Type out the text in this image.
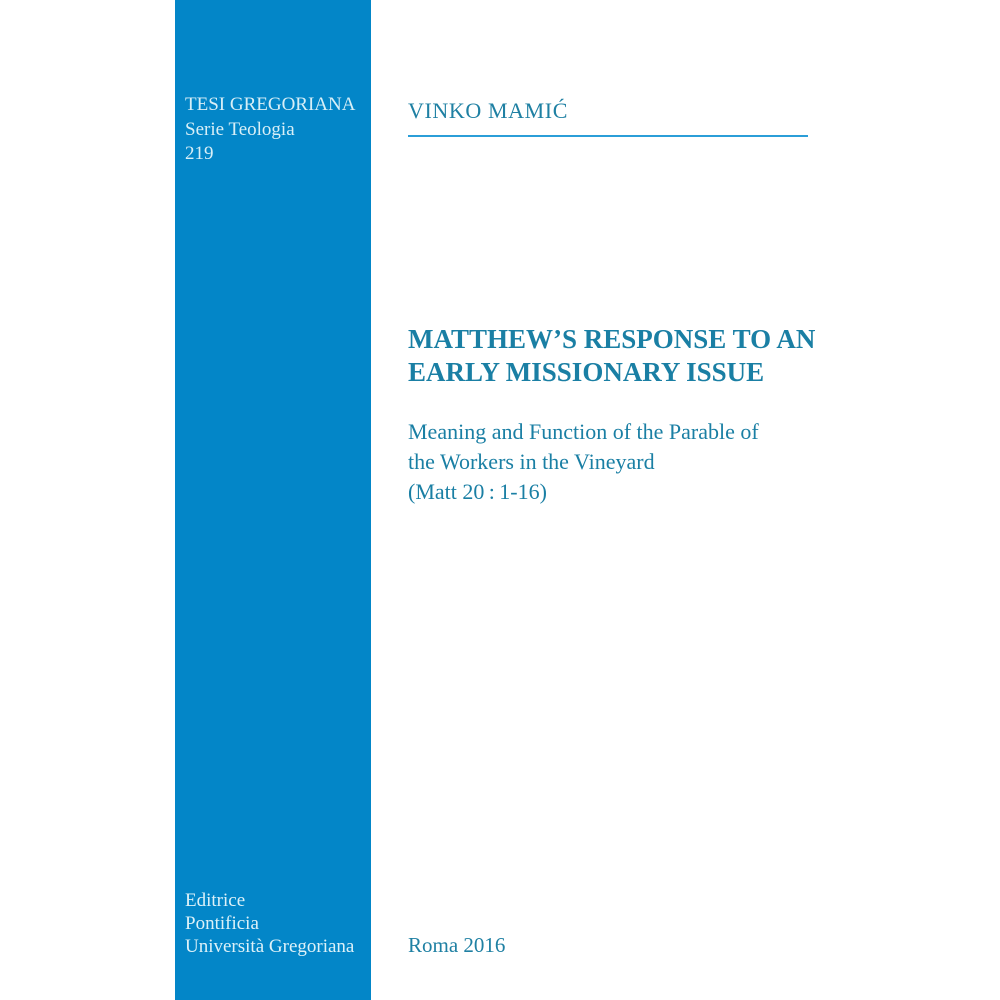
TESI GREGORIANA
Serie Teologia
219
Editrice
Pontificia
Università Gregoriana
VINKO MAMIĆ
MATTHEW’S RESPONSE TO AN
EARLY MISSIONARY ISSUE
Meaning and Function of the Parable of
the Workers in the Vineyard
(Matt 20 : 1-16)
Roma 2016
